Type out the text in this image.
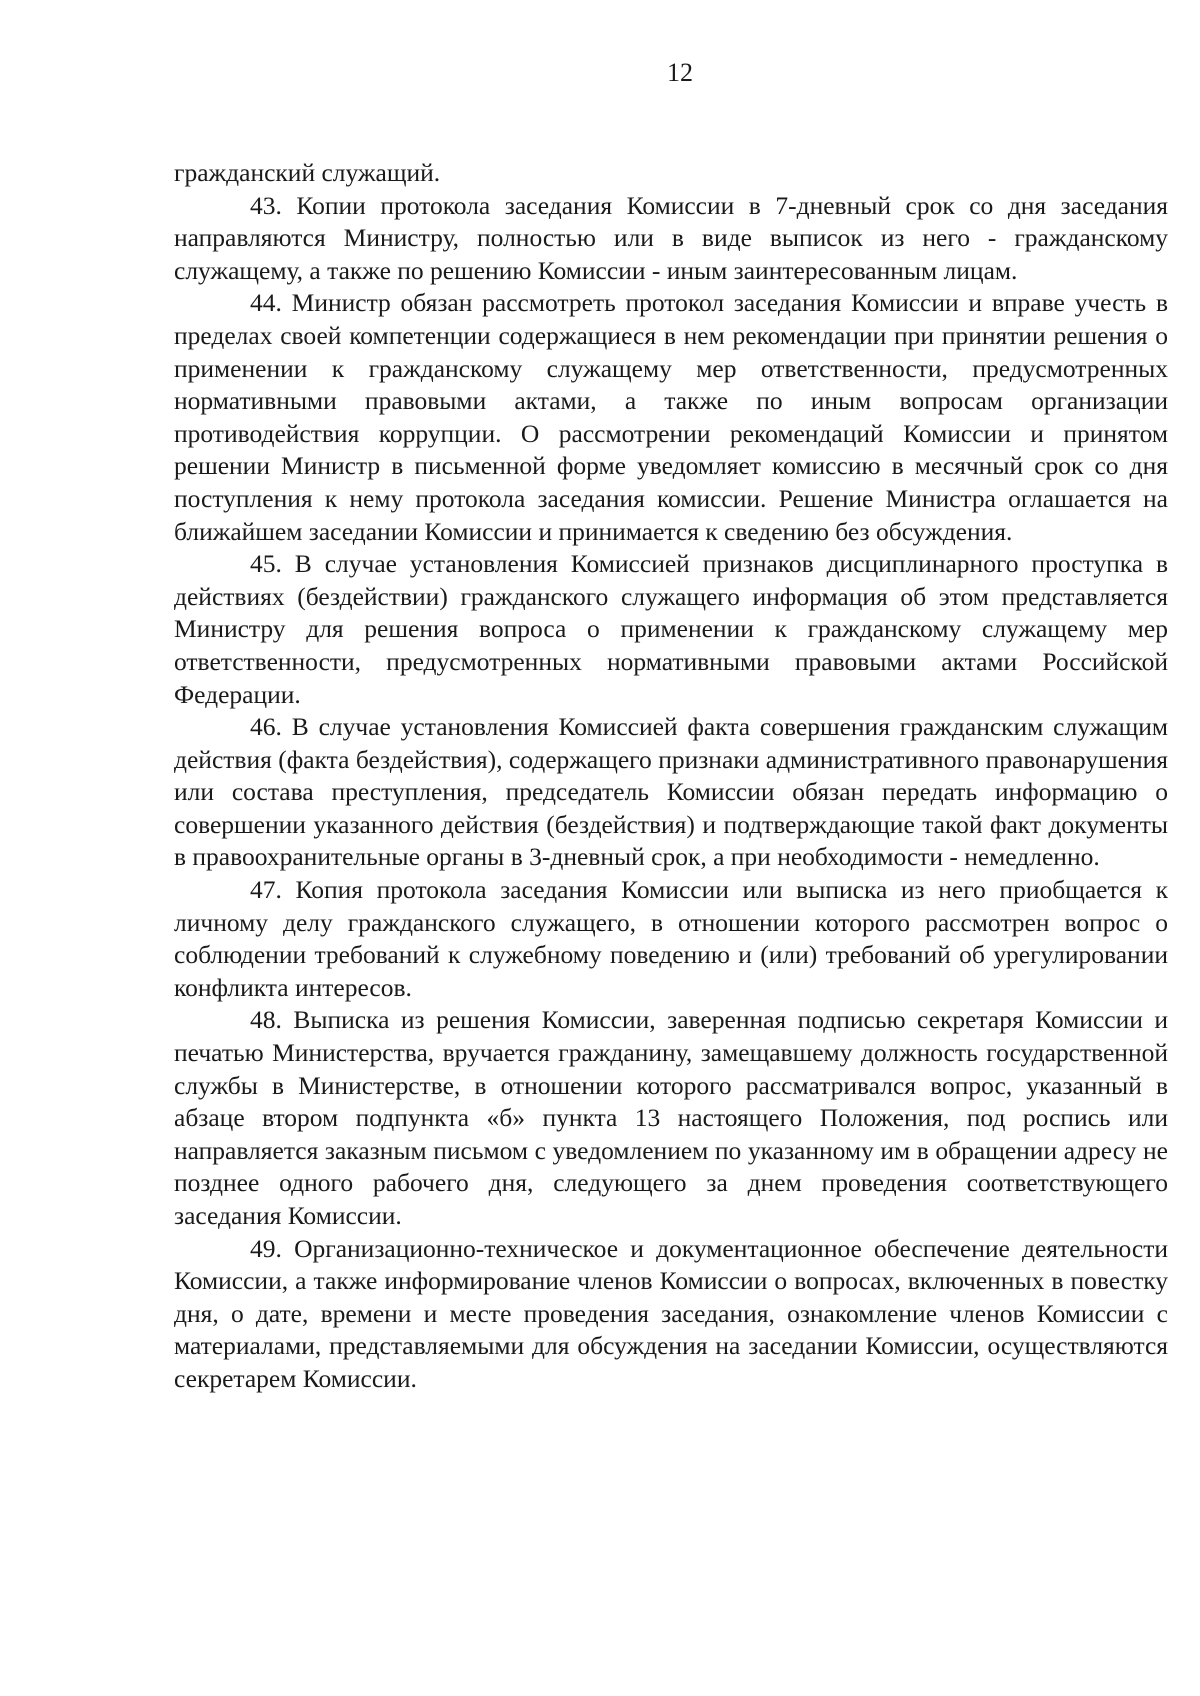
12

гражданский служащий.

43. Копии протокола заседания Комиссии в 7-дневный срок со дня заседания направляются Министру, полностью или в виде выписок из него - гражданскому служащему, а также по решению Комиссии - иным заинтересованным лицам.

44. Министр обязан рассмотреть протокол заседания Комиссии и вправе учесть в пределах своей компетенции содержащиеся в нем рекомендации при принятии решения о применении к гражданскому служащему мер ответственности, предусмотренных нормативными правовыми актами, а также по иным вопросам организации противодействия коррупции. О рассмотрении рекомендаций Комиссии и принятом решении Министр в письменной форме уведомляет комиссию в месячный срок со дня поступления к нему протокола заседания комиссии. Решение Министра оглашается на ближайшем заседании Комиссии и принимается к сведению без обсуждения.

45. В случае установления Комиссией признаков дисциплинарного проступка в действиях (бездействии) гражданского служащего информация об этом представляется Министру для решения вопроса о применении к гражданскому служащему мер ответственности, предусмотренных нормативными правовыми актами Российской Федерации.

46. В случае установления Комиссией факта совершения гражданским служащим действия (факта бездействия), содержащего признаки административного правонарушения или состава преступления, председатель Комиссии обязан передать информацию о совершении указанного действия (бездействия) и подтверждающие такой факт документы в правоохранительные органы в 3-дневный срок, а при необходимости - немедленно.

47. Копия протокола заседания Комиссии или выписка из него приобщается к личному делу гражданского служащего, в отношении которого рассмотрен вопрос о соблюдении требований к служебному поведению и (или) требований об урегулировании конфликта интересов.

48. Выписка из решения Комиссии, заверенная подписью секретаря Комиссии и печатью Министерства, вручается гражданину, замещавшему должность государственной службы в Министерстве, в отношении которого рассматривался вопрос, указанный в абзаце втором подпункта «б» пункта 13 настоящего Положения, под роспись или направляется заказным письмом с уведомлением по указанному им в обращении адресу не позднее одного рабочего дня, следующего за днем проведения соответствующего заседания Комиссии.

49. Организационно-техническое и документационное обеспечение деятельности Комиссии, а также информирование членов Комиссии о вопросах, включенных в повестку дня, о дате, времени и месте проведения заседания, ознакомление членов Комиссии с материалами, представляемыми для обсуждения на заседании Комиссии, осуществляются секретарем Комиссии.
